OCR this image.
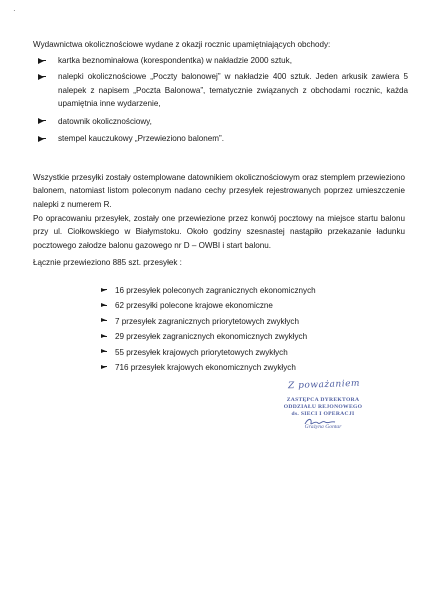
·

Wydawnictwa okolicznościowe wydane z okazji rocznic upamiętniających obchody:

kartka beznominałowa (korespondentka) w nakładzie 2000 sztuk,
nalepki okolicznościowe „Poczty balonowej” w nakładzie 400 sztuk. Jeden arkusik zawiera 5 nalepek z napisem „Poczta Balonowa”, tematycznie związanych z obchodami rocznic, każda upamiętnia inne wydarzenie,
datownik okolicznościowy,
stempel kauczukowy „Przewieziono balonem”.

Wszystkie przesyłki zostały ostemplowane datownikiem okolicznościowym oraz stemplem przewieziono balonem, natomiast listom poleconym nadano cechy przesyłek rejestrowanych poprzez umieszczenie nalepki z numerem R.

Po opracowaniu przesyłek, zostały one przewiezione przez konwój pocztowy na miejsce startu balonu przy ul. Ciołkowskiego w Białymstoku. Około godziny szesnastej nastąpiło przekazanie ładunku pocztowego załodze balonu gazowego nr D – OWBI i start balonu.

Łącznie przewieziono 885 szt. przesyłek :

16 przesyłek poleconych zagranicznych ekonomicznych
62 przesyłki polecone krajowe ekonomiczne
7 przesyłek zagranicznych priorytetowych zwykłych
29 przesyłek zagranicznych ekonomicznych zwykłych
55 przesyłek krajowych priorytetowych zwykłych
716 przesyłek krajowych ekonomicznych zwykłych
Z poważaniem
ZASTĘPCA DYREKTORA
ODDZIAŁU REJONOWEGO
ds. SIECI I OPERACJI
Grażyna Gontar
